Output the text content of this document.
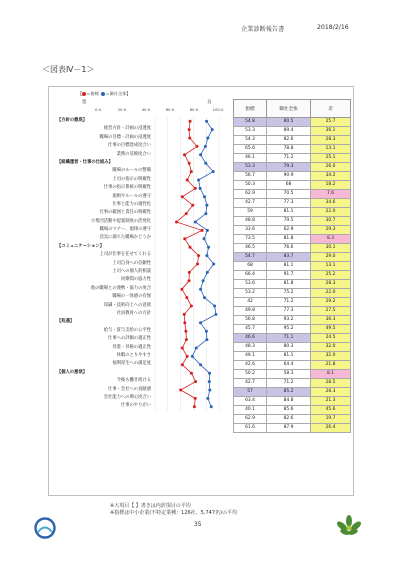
企業診断報告書	2018/2/16
＜図表Ⅳ－1＞
【 ＝指標 ＝御社全体】
悪	良
0.0	20.0	40.0	60.0	80.0	100.0
【方針の徹底】
経営方針・計画の浸透度
職場の目標・計画の浸透度
仕事の目標達成度合い
業務の反映度合い
【組織運営・仕事の仕組み】
職場のルールの整備
上司の指示の明確性
仕事の指示系統の明確性
規則やルールの遵守
仕事と能力の適性化
仕事の範囲と責任の明確性
小集団活動や提案制度の活発化
職場のマナー、規律の遵守
活気に満ちた職場かどうか
【コミュニケーション】
上司が仕事を任せてくれる
上司自身への信頼性
上司への個人的相談
同僚間の協力性
他の職場との連携・協力の度合
職場の一体感の有無
知識・技術向上への意欲
社員教育への方針
【処遇】
給与・賞与支給の公平性
仕事への評価の適正性
昇進・昇格の適正性
休暇のとりやすさ
福利厚生への満足度
【個人の意欲】
今後も働き続ける
仕事・会社への貢献感
会社能力への関心度合い
仕事のやりがい
指標	御社全体	差
54.8	80.5	25.7
53.3	89.4	36.1
54.3	82.6	28.3
65.6	78.8	13.1
46.1	71.2	25.1
53.3	79.3	26.0
56.7	90.9	34.2
50.3	68	18.2
62.9	70.5	7.6
42.7	77.3	34.6
59	81.1	22.0
48.8	79.5	30.7
33.6	62.9	29.3
73.5	81.8	8.3
46.5	76.6	30.1
54.7	83.7	29.0
68	81.1	13.1
66.4	91.7	25.2
53.6	81.8	28.3
53.2	75.2	22.0
42	71.2	29.2
49.8	77.3	27.5
56.8	93.2	36.3
45.7	95.2	49.5
46.6	71.1	24.5
48.3	80.3	32.0
49.1	81.1	32.0
42.6	64.4	21.8
50.2	58.3	8.1
42.7	71.2	28.5
57	85.2	28.3
63.4	84.8	21.3
40.1	85.6	45.6
62.9	82.6	19.7
61.6	87.9	26.4
※大項目【 】書きは内訳項目の平均
※指標は中小企業(不特定業種：126社、5,747名)の平均
35
